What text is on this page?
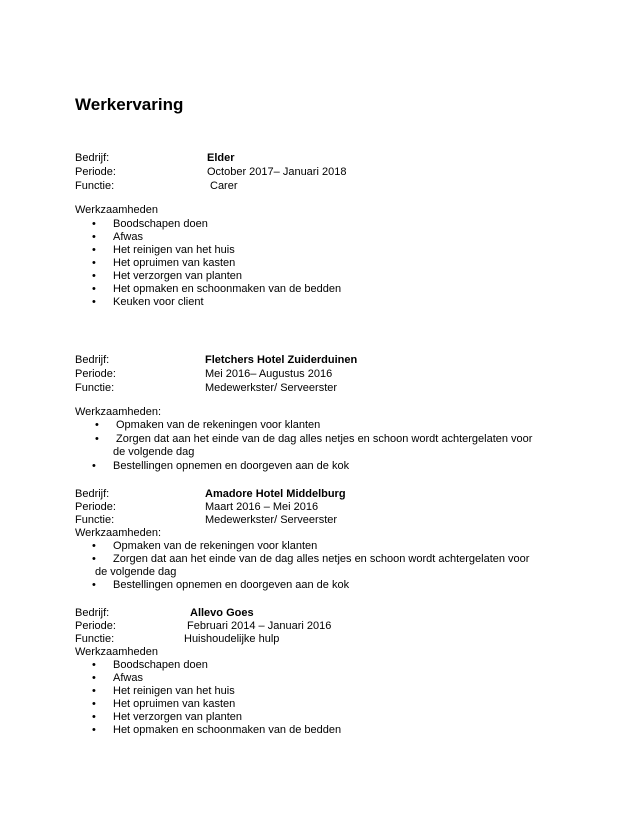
Werkervaring
Bedrijf:	Elder
Periode:	October 2017– Januari 2018
Functie:	Carer
Werkzaamheden
• Boodschapen doen
• Afwas
• Het reinigen van het huis
• Het opruimen van kasten
• Het verzorgen van planten
• Het opmaken en schoonmaken van de bedden
• Keuken voor client
Bedrijf:	Fletchers Hotel Zuiderduinen
Periode:	Mei 2016– Augustus 2016
Functie:	Medewerkster/ Serveerster
Werkzaamheden:
• Opmaken van de rekeningen voor klanten
• Zorgen dat aan het einde van de dag alles netjes en schoon wordt achtergelaten voor
de volgende dag
• Bestellingen opnemen en doorgeven aan de kok
Bedrijf:	Amadore Hotel Middelburg
Periode:	Maart 2016 – Mei 2016
Functie:	Medewerkster/ Serveerster
Werkzaamheden:
• Opmaken van de rekeningen voor klanten
• Zorgen dat aan het einde van de dag alles netjes en schoon wordt achtergelaten voor
de volgende dag
• Bestellingen opnemen en doorgeven aan de kok
Bedrijf:	Allevo Goes
Periode:	Februari 2014 – Januari 2016
Functie:	Huishoudelijke hulp
Werkzaamheden
• Boodschapen doen
• Afwas
• Het reinigen van het huis
• Het opruimen van kasten
• Het verzorgen van planten
• Het opmaken en schoonmaken van de bedden
